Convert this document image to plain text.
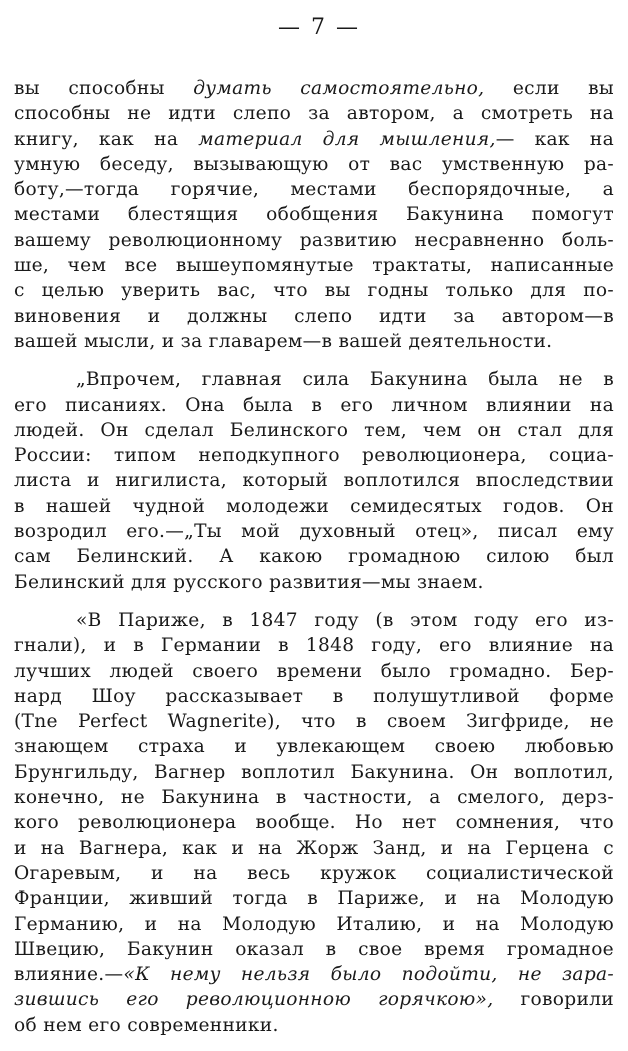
— 7 —
вы способны думать самостоятельно, если вы
способны не идти слепо за автором, а смотреть на
книгу, как на материал для мышления,— как на
умную беседу, вызывающую от вас умственную ра-
боту,—тогда горячие, местами беспорядочные, а
местами блестящия обобщения Бакунина помогут
вашему революционному развитию несравненно боль-
ше, чем все вышеупомянутые трактаты, написанные
с целью уверить вас, что вы годны только для по-
виновения и должны слепо идти за автором—в
вашей мысли, и за главарем—в вашей деятельности.
„Впрочем, главная сила Бакунина была не в
его писаниях. Она была в его личном влиянии на
людей. Он сделал Белинского тем, чем он стал для
России: типом неподкупного революционера, социа-
листа и нигилиста, который воплотился впоследствии
в нашей чудной молодежи семидесятых годов. Он
возродил его.—„Ты мой духовный отец», писал ему
сам Белинский. А какою громадною силою был
Белинский для русского развития—мы знаем.
«В Париже, в 1847 году (в этом году его из-
гнали), и в Германии в 1848 году, его влияние на
лучших людей своего времени было громадно. Бер-
нард Шоу рассказывает в полушутливой форме
(Тne Perfect Wagnerite), что в своем Зигфриде, не
знающем страха и увлекающем своею любовью
Брунгильду, Вагнер воплотил Бакунина. Он воплотил,
конечно, не Бакунина в частности, а смелого, дерз-
кого революционера вообще. Но нет сомнения, что
и на Вагнера, как и на Жорж Занд, и на Герцена с
Огаревым, и на весь кружок социалистической
Франции, живший тогда в Париже, и на Молодую
Германию, и на Молодую Италию, и на Молодую
Швецию, Бакунин оказал в свое время громадное
влияние.—«К нему нельзя было подойти, не зара-
зившись его революционною горячкою», говорили
об нем его современники.
